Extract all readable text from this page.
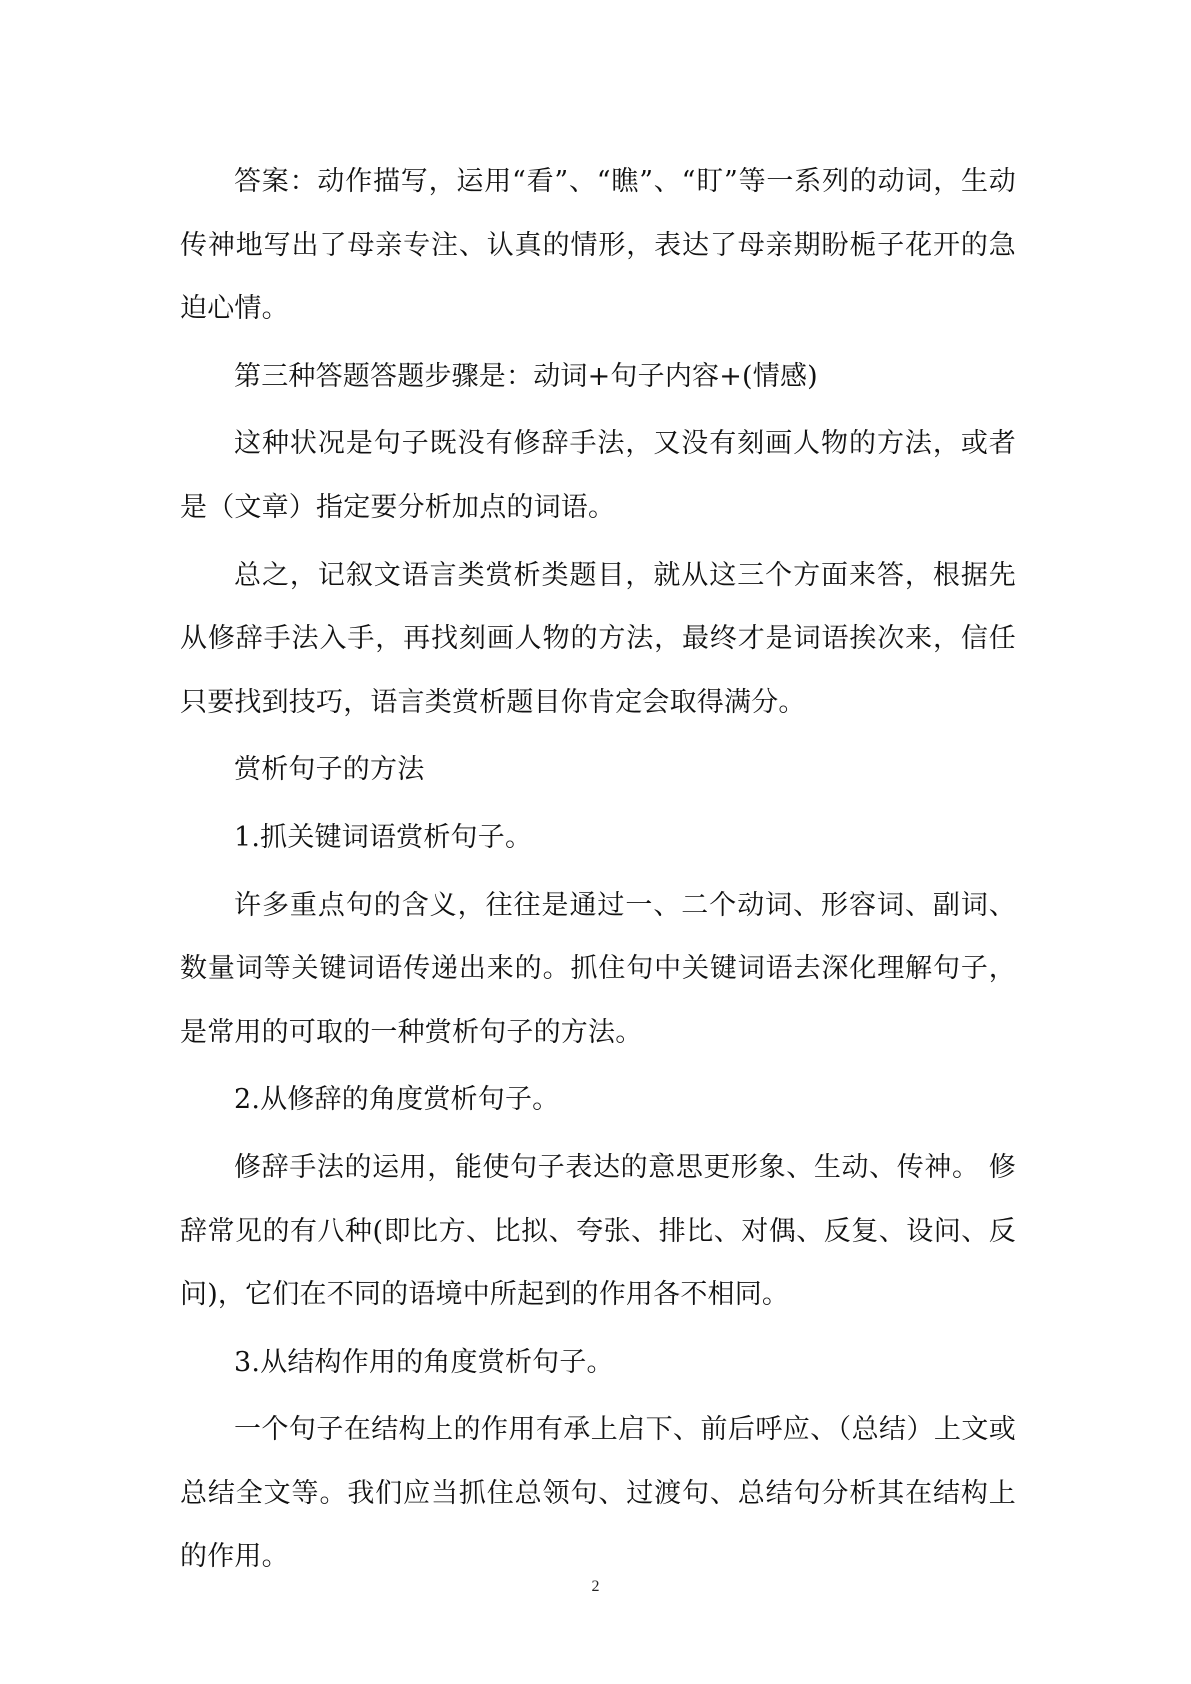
答案：动作描写，运用“看”、“瞧”、“盯”等一系列的动词，生动传神地写出了母亲专注、认真的情形，表达了母亲期盼栀子花开的急迫心情。

第三种答题答题步骤是：动词+句子内容+(情感)

这种状况是句子既没有修辞手法，又没有刻画人物的方法，或者是（文章）指定要分析加点的词语。

总之，记叙文语言类赏析类题目，就从这三个方面来答，根据先从修辞手法入手，再找刻画人物的方法，最终才是词语挨次来，信任只要找到技巧，语言类赏析题目你肯定会取得满分。

赏析句子的方法

1.抓关键词语赏析句子。

许多重点句的含义，往往是通过一、二个动词、形容词、副词、数量词等关键词语传递出来的。抓住句中关键词语去深化理解句子，是常用的可取的一种赏析句子的方法。

2.从修辞的角度赏析句子。

修辞手法的运用，能使句子表达的意思更形象、生动、传神。 修辞常见的有八种(即比方、比拟、夸张、排比、对偶、反复、设问、反问)，它们在不同的语境中所起到的作用各不相同。

3.从结构作用的角度赏析句子。

一个句子在结构上的作用有承上启下、前后呼应、（总结）上文或总结全文等。我们应当抓住总领句、过渡句、总结句分析其在结构上的作用。

2
